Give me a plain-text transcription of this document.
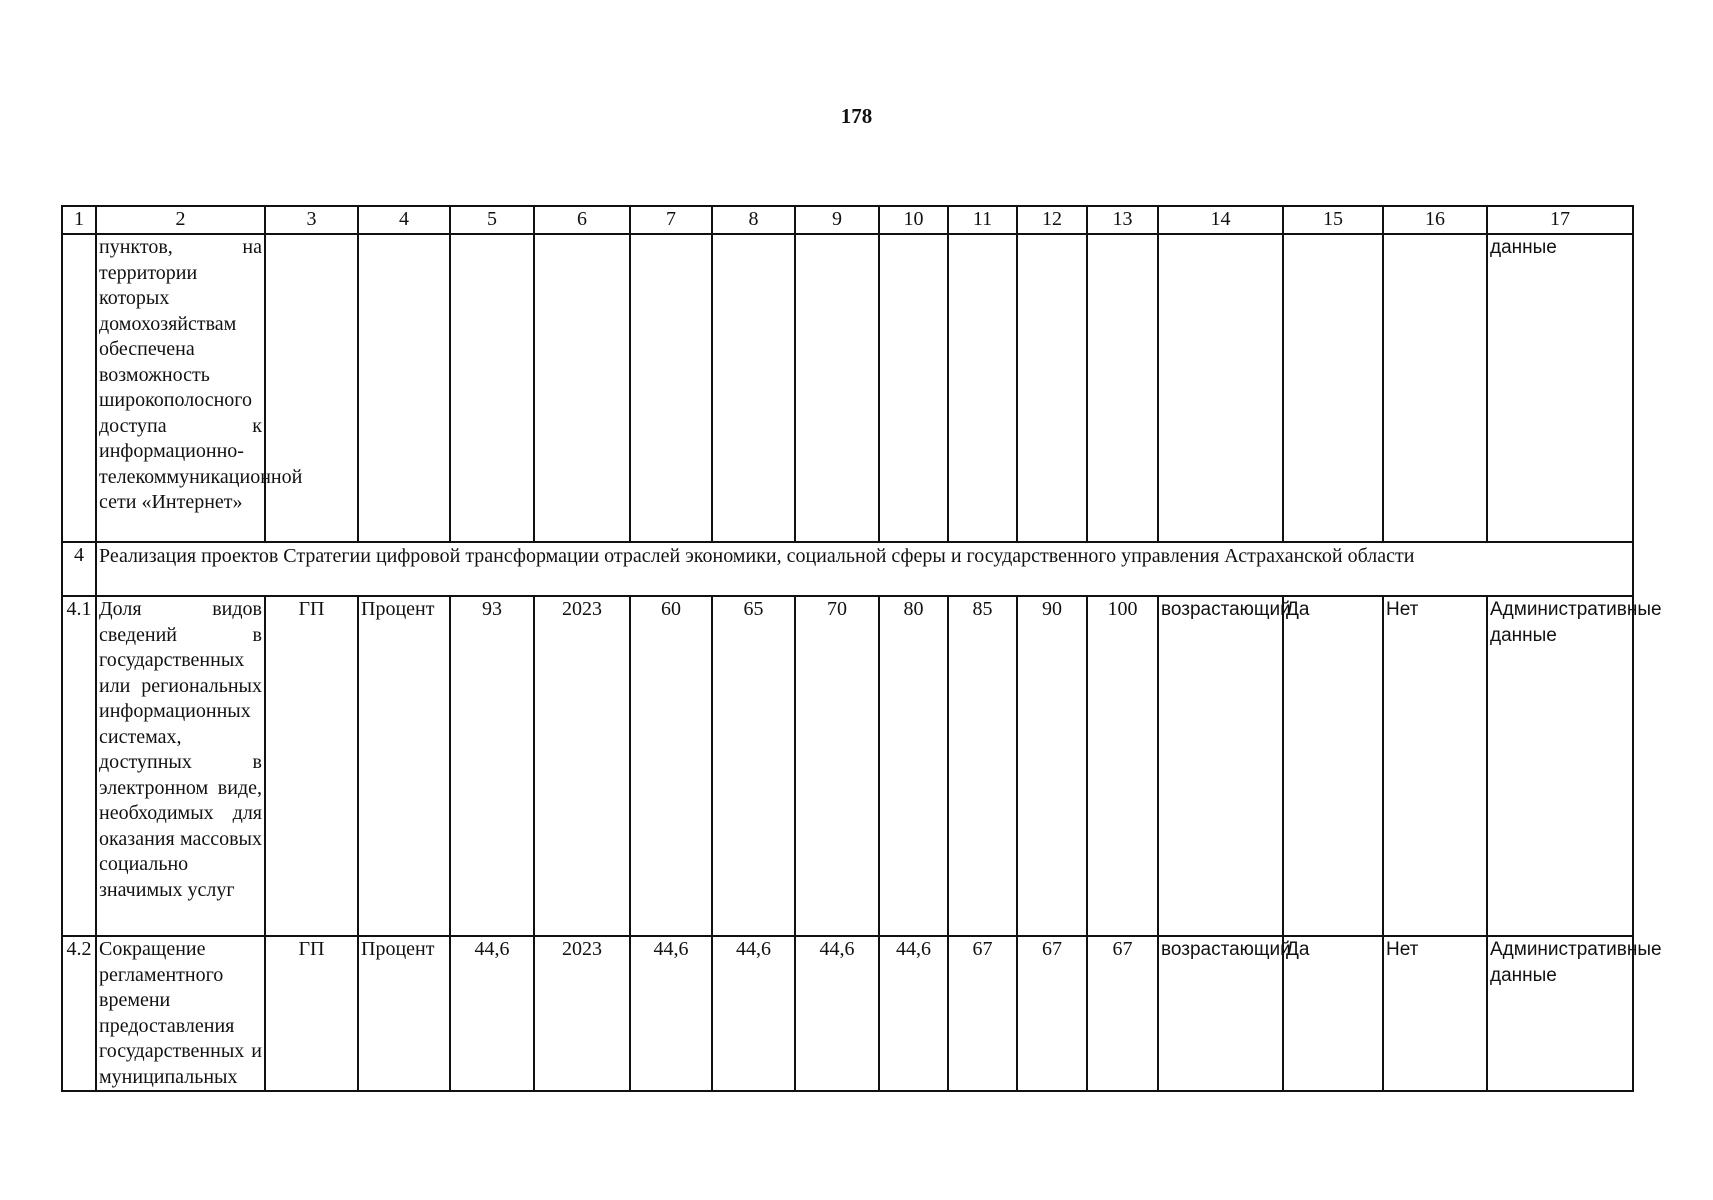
178
1	2	3	4	5	6	7	8	9	10	11	12	13	14	15	16	17
	пунктов, на территории которых домохозяйствам обеспечена возможность широкополосного доступа к информационно-телекоммуникационной сети «Интернет»															данные
4	Реализация проектов Стратегии цифровой трансформации отраслей экономики, социальной сферы и государственного управления Астраханской области															
4.1	Доля видов сведений в государственных или региональных информационных системах, доступных в электронном виде, необходимых для оказания массовых социально значимых услуг	ГП	Процент	93	2023	60	65	70	80	85	90	100	возрастающий	Да	Нет	Административные данные
4.2	Сокращение регламентного времени предоставления государственных и муниципальных	ГП	Процент	44,6	2023	44,6	44,6	44,6	44,6	67	67	67	возрастающий	Да	Нет	Административные данные
